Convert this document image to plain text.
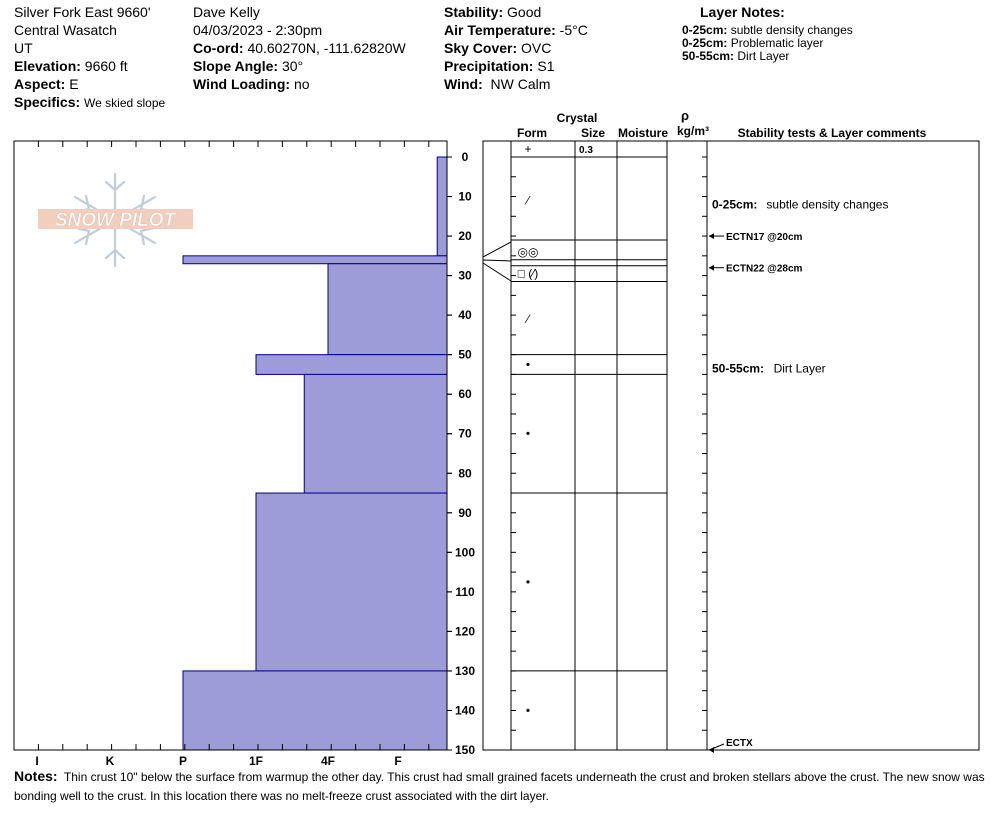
Silver Fork East 9660'
Central Wasatch
UT
Elevation: 9660 ft
Aspect: E
Specifics: We skied slope
Dave Kelly
04/03/2023 - 2:30pm
Co-ord: 40.60270N, -111.62820W
Slope Angle: 30°
Wind Loading: no
Stability: Good
Air Temperature: -5°C
Sky Cover: OVC
Precipitation: S1
Wind: NW Calm
Layer Notes:
0-25cm: subtle density changes
0-25cm: Problematic layer
50-55cm: Dirt Layer
Crystal
Form	Size Moisture
ρ
kg/m³ Stability tests & Layer comments
SNOW PILOT
I	K	P	1F	4F	F
0
10
20
30
40
50
60
70
80
90
100
110
120
130
140
150
+	0.3
⁄
◎◎
□ (⁄)
⁄
•
•
•
•
0-25cm: subtle density changes
50-55cm: Dirt Layer
ECTN17 @20cm
ECTN22 @28cm
ECTX
Notes: Thin crust 10" below the surface from warmup the other day. This crust had small grained facets underneath the crust and broken stellars above the crust. The new snow was bonding well to the crust. In this location there was no melt-freeze crust associated with the dirt layer.
